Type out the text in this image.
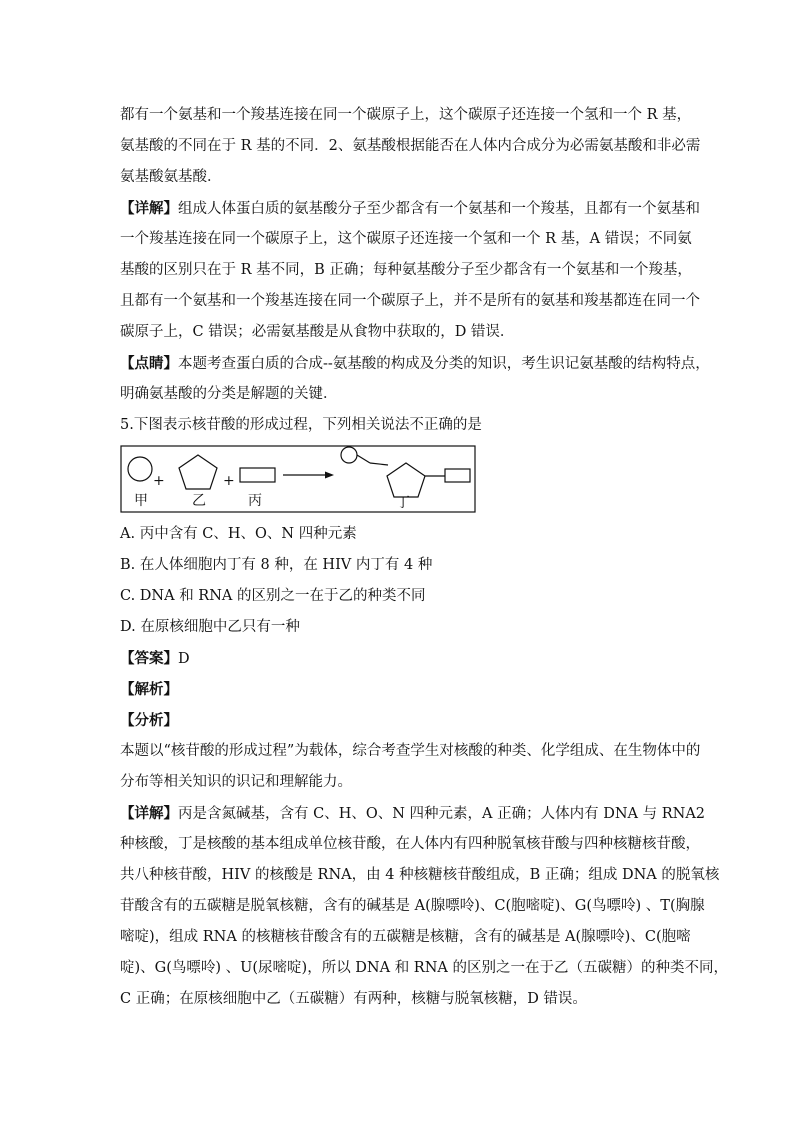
都有一个氨基和一个羧基连接在同一个碳原子上，这个碳原子还连接一个氢和一个 R 基，
氨基酸的不同在于 R 基的不同．2、氨基酸根据能否在人体内合成分为必需氨基酸和非必需
氨基酸氨基酸．
【详解】组成人体蛋白质的氨基酸分子至少都含有一个氨基和一个羧基，且都有一个氨基和
一个羧基连接在同一个碳原子上，这个碳原子还连接一个氢和一个 R 基，A 错误；不同氨
基酸的区别只在于 R 基不同，B 正确；每种氨基酸分子至少都含有一个氨基和一个羧基，
且都有一个氨基和一个羧基连接在同一个碳原子上，并不是所有的氨基和羧基都连在同一个
碳原子上，C 错误；必需氨基酸是从食物中获取的，D 错误．
【点睛】本题考查蛋白质的合成--氨基酸的构成及分类的知识，考生识记氨基酸的结构特点，
明确氨基酸的分类是解题的关键．
5.下图表示核苷酸的形成过程，下列相关说法不正确的是
+	+
甲	乙	丙	丁
A. 丙中含有 C、H、O、N 四种元素
B. 在人体细胞内丁有 8 种，在 HIV 内丁有 4 种
C. DNA 和 RNA 的区别之一在于乙的种类不同
D. 在原核细胞中乙只有一种
【答案】D
【解析】
【分析】
本题以“核苷酸的形成过程”为载体，综合考查学生对核酸的种类、化学组成、在生物体中的
分布等相关知识的识记和理解能力。
【详解】丙是含氮碱基，含有 C、H、O、N 四种元素，A 正确；人体内有 DNA 与 RNA2
种核酸，丁是核酸的基本组成单位核苷酸，在人体内有四种脱氧核苷酸与四种核糖核苷酸，
共八种核苷酸，HIV 的核酸是 RNA，由 4 种核糖核苷酸组成，B 正确；组成 DNA 的脱氧核
苷酸含有的五碳糖是脱氧核糖，含有的碱基是 A(腺嘌呤)、C(胞嘧啶)、G(鸟嘌呤) 、T(胸腺
嘧啶)，组成 RNA 的核糖核苷酸含有的五碳糖是核糖，含有的碱基是 A(腺嘌呤)、C(胞嘧
啶)、G(鸟嘌呤) 、U(尿嘧啶)，所以 DNA 和 RNA 的区别之一在于乙（五碳糖）的种类不同，
C 正确；在原核细胞中乙（五碳糖）有两种，核糖与脱氧核糖，D 错误。
